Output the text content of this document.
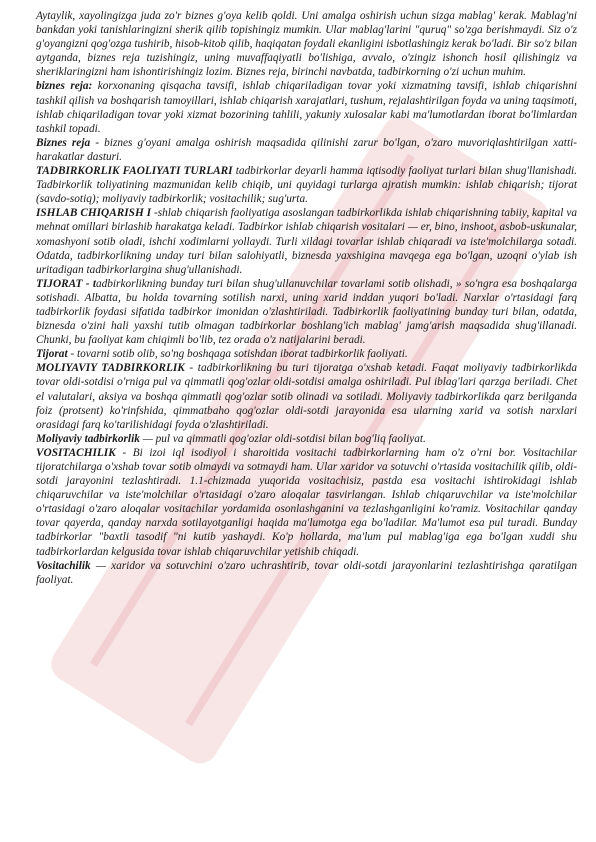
Aytaylik, xayolingizga juda zo'r biznes g'oya kelib qoldi. Uni amalga oshirish uchun sizga mablag' kerak. Mablag'ni bankdan yoki tanishlaringizni sherik qilib topishingiz mumkin. Ular mablag'larini "quruq" so'zga berishmaydi. Siz o'z g'oyangizni qog'ozga tushirib, hisob-kitob qilib, haqiqatan foydali ekanligini isbotlashingiz kerak bo'ladi. Bir so'z bilan aytganda, biznes reja tuzishingiz, uning muvaffaqiyatli bo'lishiga, avvalo, o'zingiz ishonch hosil qilishingiz va sheriklaringizni ham ishontirishingiz lozim. Biznes reja, birinchi navbatda, tadbirkorning o'zi uchun muhim.

biznes reja: korxonaning qisqacha tavsifi, ishlab chiqariladigan tovar yoki xizmatning tavsifi, ishlab chiqarishni tashkil qilish va boshqarish tamoyillari, ishlab chiqarish xarajatlari, tushum, rejalashtirilgan foyda va uning taqsimoti, ishlab chiqariladigan tovar yoki xizmat bozorining tahlili, yakuniy xulosalar kabi ma'lumotlardan iborat bo'limlardan tashkil topadi.

Biznes reja - biznes g'oyani amalga oshirish maqsadida qilinishi zarur bo'lgan, o'zaro muvoriqlashtirilgan xatti-harakatlar dasturi.

TADBIRKORLIK FAOLIYATI TURLARI tadbirkorlar deyarli hamma iqtisodiy faoliyat turlari bilan shug'llanishadi. Tadbirkorlik toliyatining mazmunidan kelib chiqib, uni quyidagi turlarga ajratish mumkin: ishlab chiqarish; tijorat (savdo-sotiq); moliyaviy tadbirkorlik; vositachilik; sug'urta.

ISHLAB CHIQARISH I -shlab chiqarish faoliyatiga asoslangan tadbirkorlikda ishlab chiqarishning tabiiy, kapital va mehnat omillari birlashib harakatga keladi. Tadbirkor ishlab chiqarish vositalari — er, bino, inshoot, asbob-uskunalar, xomashyoni sotib oladi, ishchi xodimlarni yollaydi. Turli xildagi tovarlar ishlab chiqaradi va iste'molchilarga sotadi. Odatda, tadbirkorlikning unday turi bilan salohiyatli, biznesda yaxshigina mavqega ega bo'lgan, uzoqni o'ylab ish uritadigan tadbirkorlargina shug'ullanishadi.

TIJORAT - tadbirkorlikning bunday turi bilan shug'ullanuvchilar tovarlami sotib olishadi, » so'ngra esa boshqalarga sotishadi. Albatta, bu holda tovarning sotilish narxi, uning xarid inddan yuqori bo'ladi. Narxlar o'rtasidagi farq tadbirkorlik foydasi sifatida tadbirkor imonidan o'zlashtiriladi. Tadbirkorlik faoliyatining bunday turi bilan, odatda, biznesda o'zini hali yaxshi tutib olmagan tadbirkorlar boshlang'ich mablag' jamg'arish maqsadida shug'illanadi. Chunki, bu faoliyat kam chiqimli bo'lib, tez orada o'z natijalarini beradi.

Tijorat - tovarni sotib olib, so'ng boshqaga sotishdan iborat tadbirkorlik faoliyati.

MOLIYAVIY TADBIRKORLIK - tadbirkorlikning bu turi tijoratga o'xshab ketadi. Faqat moliyaviy tadbirkorlikda tovar oldi-sotdisi o'rniga pul va qimmatli qog'ozlar oldi-sotdisi amalga oshiriladi. Pul iblag'lari qarzga beriladi. Chet el valutalari, aksiya va boshqa qimmatli qog'ozlar sotib olinadi va sotiladi. Moliyaviy tadbirkorlikda qarz berilganda foiz (protsent) ko'rinfshida, qimmatbaho qog'ozlar oldi-sotdi jarayonida esa ularning xarid va sotish narxlari orasidagi farq ko'tarilishidagi foyda o'zlashtiriladi.

Moliyaviy tadbirkorlik — pul va qimmatli qog'ozlar oldi-sotdisi bilan bog'liq faoliyat.

VOSITACHILIK - Bi izoi iql isodiyol i sharoitida vositachi tadbirkorlarning ham o'z o'rni bor. Vositachilar tijoratchilarga o'xshab tovar sotib olmaydi va sotmaydi ham. Ular xaridor va sotuvchi o'rtasida vositachilik qilib, oldi-sotdi jarayonini tezlashtiradi. 1.1-chizmada yuqorida vositachisiz, pastda esa vositachi ishtirokidagi ishlab chiqaruvchilar va iste'molchilar o'rtasidagi o'zaro aloqalar tasvirlangan. Ishlab chiqaruvchilar va iste'molchilar o'rtasidagi o'zaro aloqalar vositachilar yordamida osonlashganini va tezlashganligini ko'ramiz. Vositachilar qanday tovar qayerda, qanday narxda sotilayotganligi haqida ma'lumotga ega bo'ladilar. Ma'lumot esa pul turadi. Bunday tadbirkorlar "baxtli tasodif "ni kutib yashaydi. Ko'p hollarda, ma'lum pul mablag'iga ega bo'lgan xuddi shu tadbirkorlardan kelgusida tovar ishlab chiqaruvchilar yetishib chiqadi.

Vositachilik — xaridor va sotuvchini o'zaro uchrashtirib, tovar oldi-sotdi jarayonlarini tezlashtirishga qaratilgan faoliyat.
